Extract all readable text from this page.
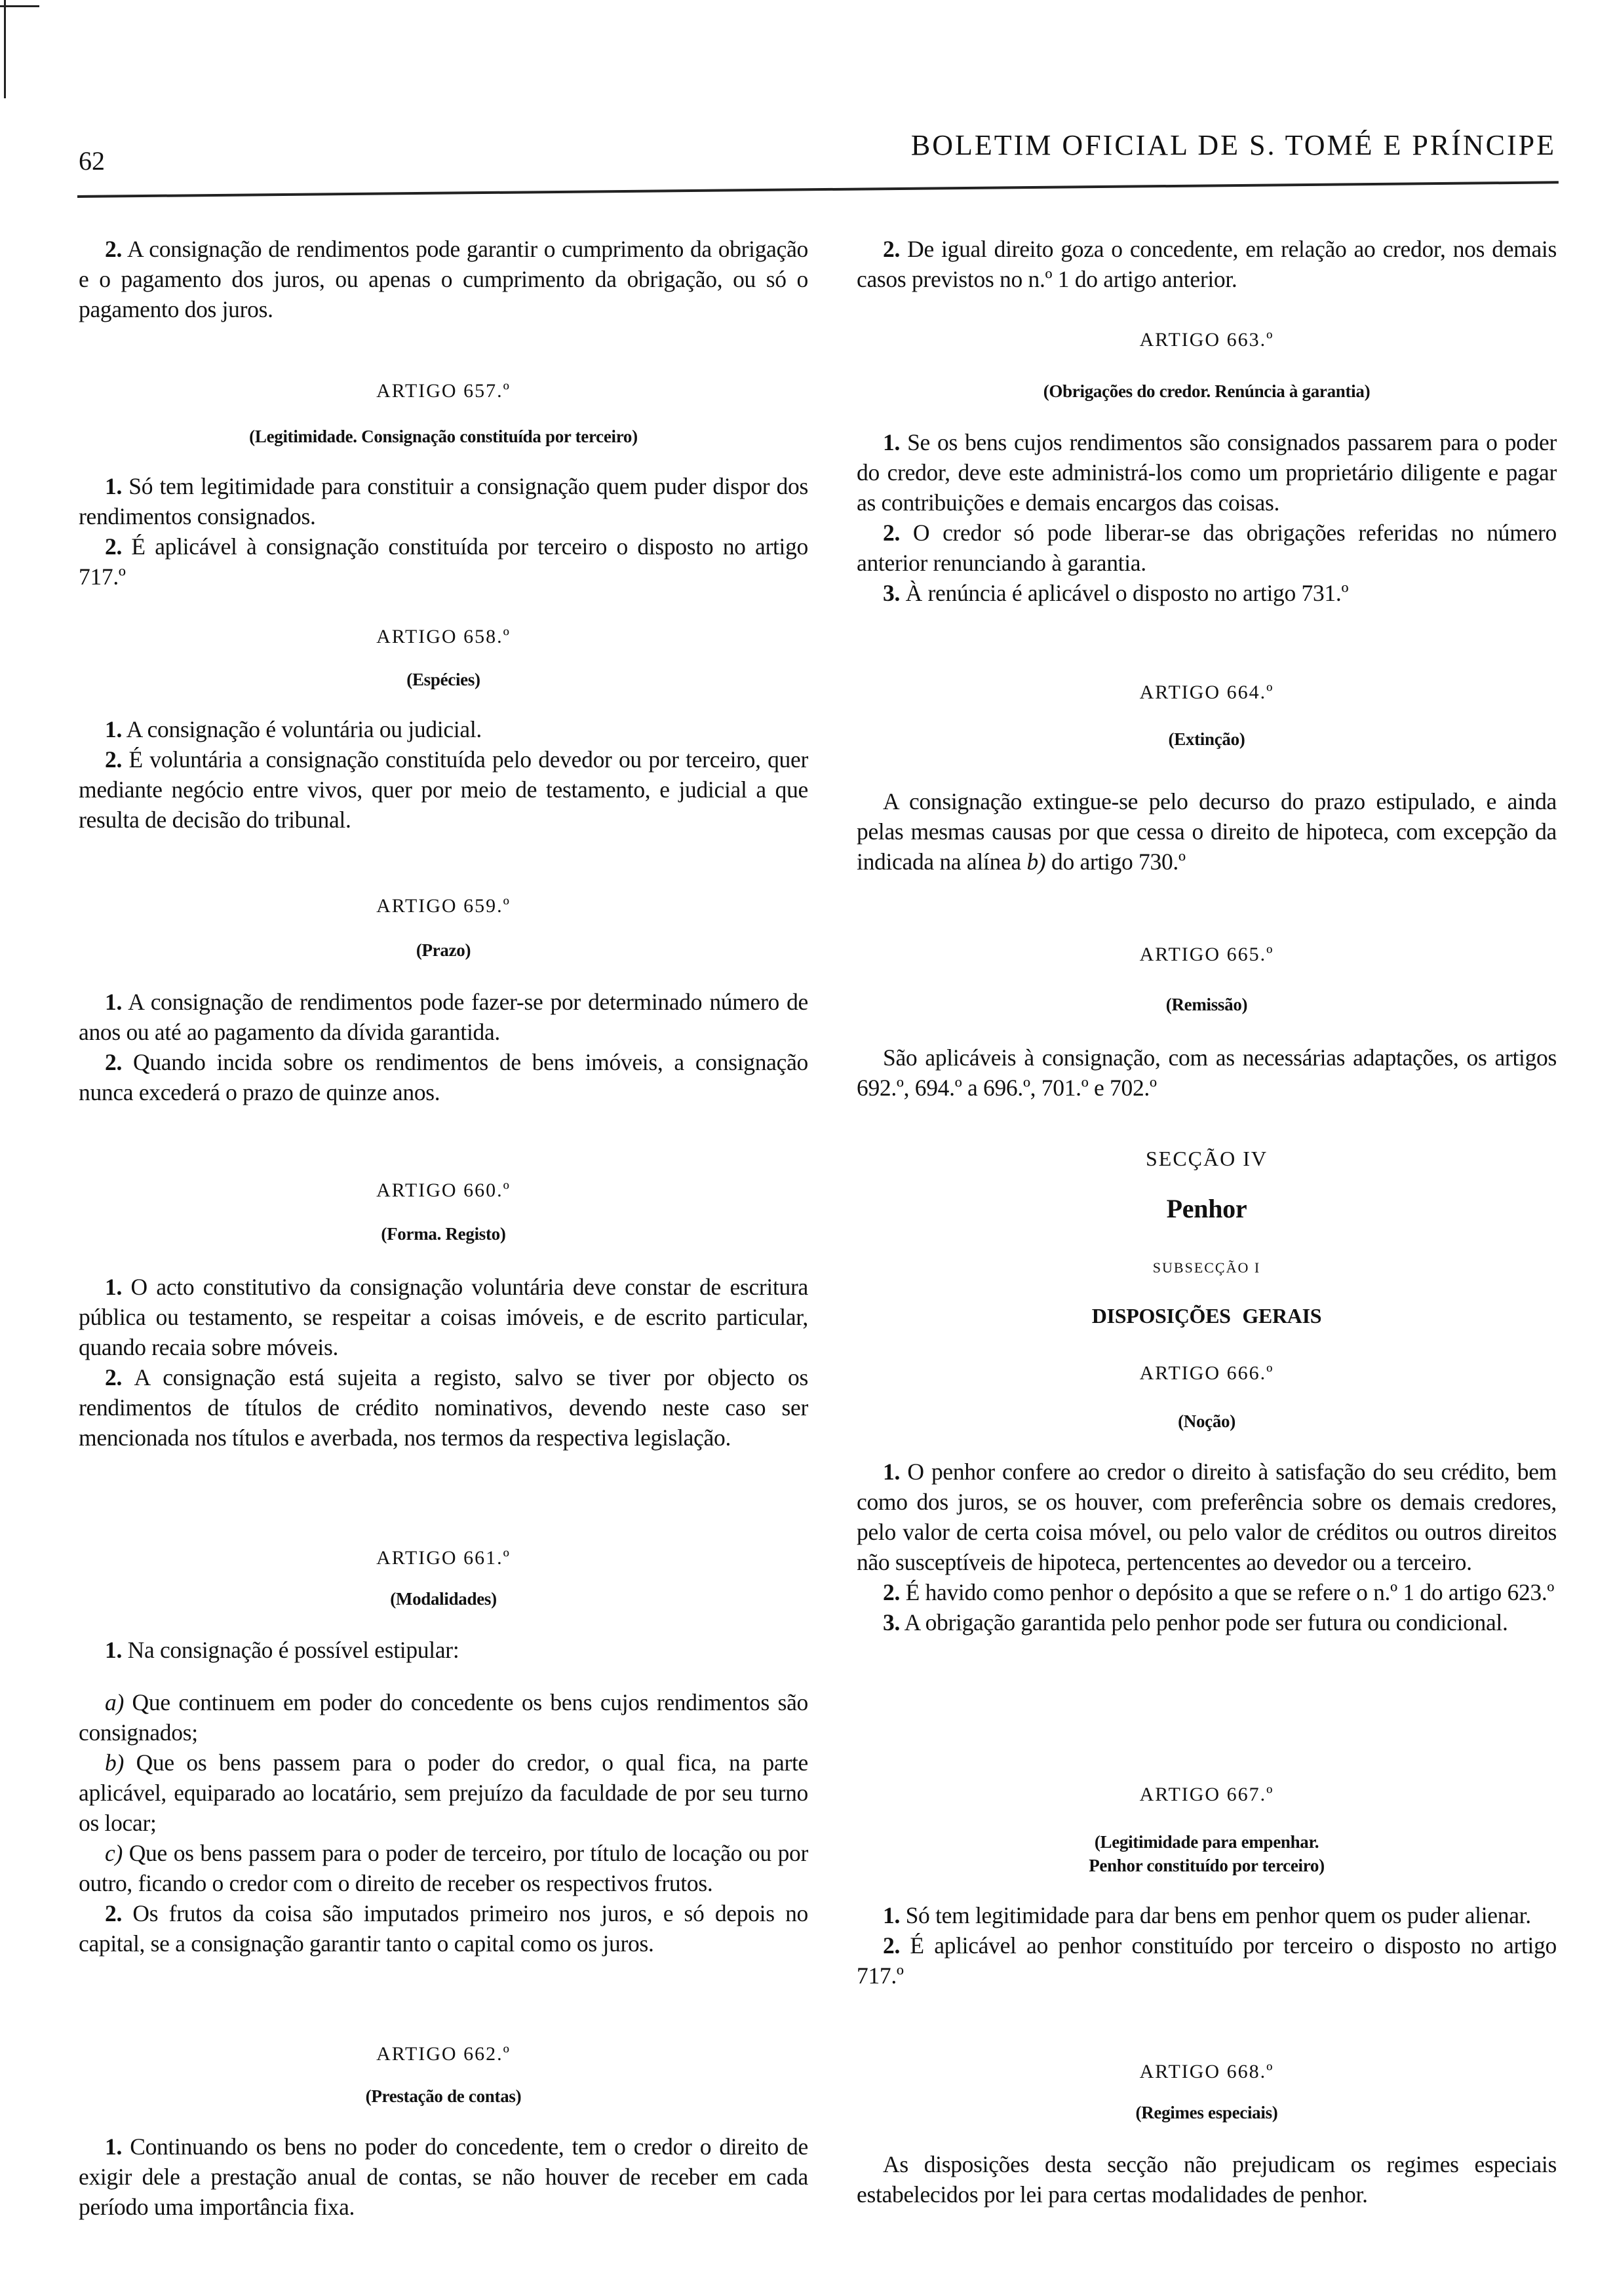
62	BOLETIM OFICIAL DE S. TOMÉ E PRÍNCIPE

2. A consignação de rendimentos pode garantir o cumprimento da obrigação e o pagamento dos juros, ou apenas o cumprimento da obrigação, ou só o pagamento dos juros.

ARTIGO 657.º
(Legitimidade. Consignação constituída por terceiro)

1. Só tem legitimidade para constituir a consignação quem puder dispor dos rendimentos consignados.

2. É aplicável à consignação constituída por terceiro o disposto no artigo 717.º

ARTIGO 658.º
(Espécies)

1. A consignação é voluntária ou judicial.

2. É voluntária a consignação constituída pelo devedor ou por terceiro, quer mediante negócio entre vivos, quer por meio de testamento, e judicial a que resulta de decisão do tribunal.

ARTIGO 659.º
(Prazo)

1. A consignação de rendimentos pode fazer-se por determinado número de anos ou até ao pagamento da dívida garantida.

2. Quando incida sobre os rendimentos de bens imóveis, a consignação nunca excederá o prazo de quinze anos.

ARTIGO 660.º
(Forma. Registo)

1. O acto constitutivo da consignação voluntária deve constar de escritura pública ou testamento, se respeitar a coisas imóveis, e de escrito particular, quando recaia sobre móveis.

2. A consignação está sujeita a registo, salvo se tiver por objecto os rendimentos de títulos de crédito nominativos, devendo neste caso ser mencionada nos títulos e averbada, nos termos da respectiva legislação.

ARTIGO 661.º
(Modalidades)

1. Na consignação é possível estipular:

a) Que continuem em poder do concedente os bens cujos rendimentos são consignados;

b) Que os bens passem para o poder do credor, o qual fica, na parte aplicável, equiparado ao locatário, sem prejuízo da faculdade de por seu turno os locar;

c) Que os bens passem para o poder de terceiro, por título de locação ou por outro, ficando o credor com o direito de receber os respectivos frutos.

2. Os frutos da coisa são imputados primeiro nos juros, e só depois no capital, se a consignação garantir tanto o capital como os juros.

ARTIGO 662.º
(Prestação de contas)

1. Continuando os bens no poder do concedente, tem o credor o direito de exigir dele a prestação anual de contas, se não houver de receber em cada período uma importância fixa.

2. De igual direito goza o concedente, em relação ao credor, nos demais casos previstos no n.º 1 do artigo anterior.

ARTIGO 663.º
(Obrigações do credor. Renúncia à garantia)

1. Se os bens cujos rendimentos são consignados passarem para o poder do credor, deve este administrá-los como um proprietário diligente e pagar as contribuições e demais encargos das coisas.

2. O credor só pode liberar-se das obrigações referidas no número anterior renunciando à garantia.

3. À renúncia é aplicável o disposto no artigo 731.º

ARTIGO 664.º
(Extinção)

A consignação extingue-se pelo decurso do prazo estipulado, e ainda pelas mesmas causas por que cessa o direito de hipoteca, com excepção da indicada na alínea b) do artigo 730.º

ARTIGO 665.º
(Remissão)

São aplicáveis à consignação, com as necessárias adaptações, os artigos 692.º, 694.º a 696.º, 701.º e 702.º

SECÇÃO IV
Penhor
SUBSECÇÃO I
DISPOSIÇÕES GERAIS
ARTIGO 666.º
(Noção)

1. O penhor confere ao credor o direito à satisfação do seu crédito, bem como dos juros, se os houver, com preferência sobre os demais credores, pelo valor de certa coisa móvel, ou pelo valor de créditos ou outros direitos não susceptíveis de hipoteca, pertencentes ao devedor ou a terceiro.

2. É havido como penhor o depósito a que se refere o n.º 1 do artigo 623.º

3. A obrigação garantida pelo penhor pode ser futura ou condicional.

ARTIGO 667.º
(Legitimidade para empenhar.
Penhor constituído por terceiro)

1. Só tem legitimidade para dar bens em penhor quem os puder alienar.

2. É aplicável ao penhor constituído por terceiro o disposto no artigo 717.º

ARTIGO 668.º
(Regimes especiais)

As disposições desta secção não prejudicam os regimes especiais estabelecidos por lei para certas modalidades de penhor.
